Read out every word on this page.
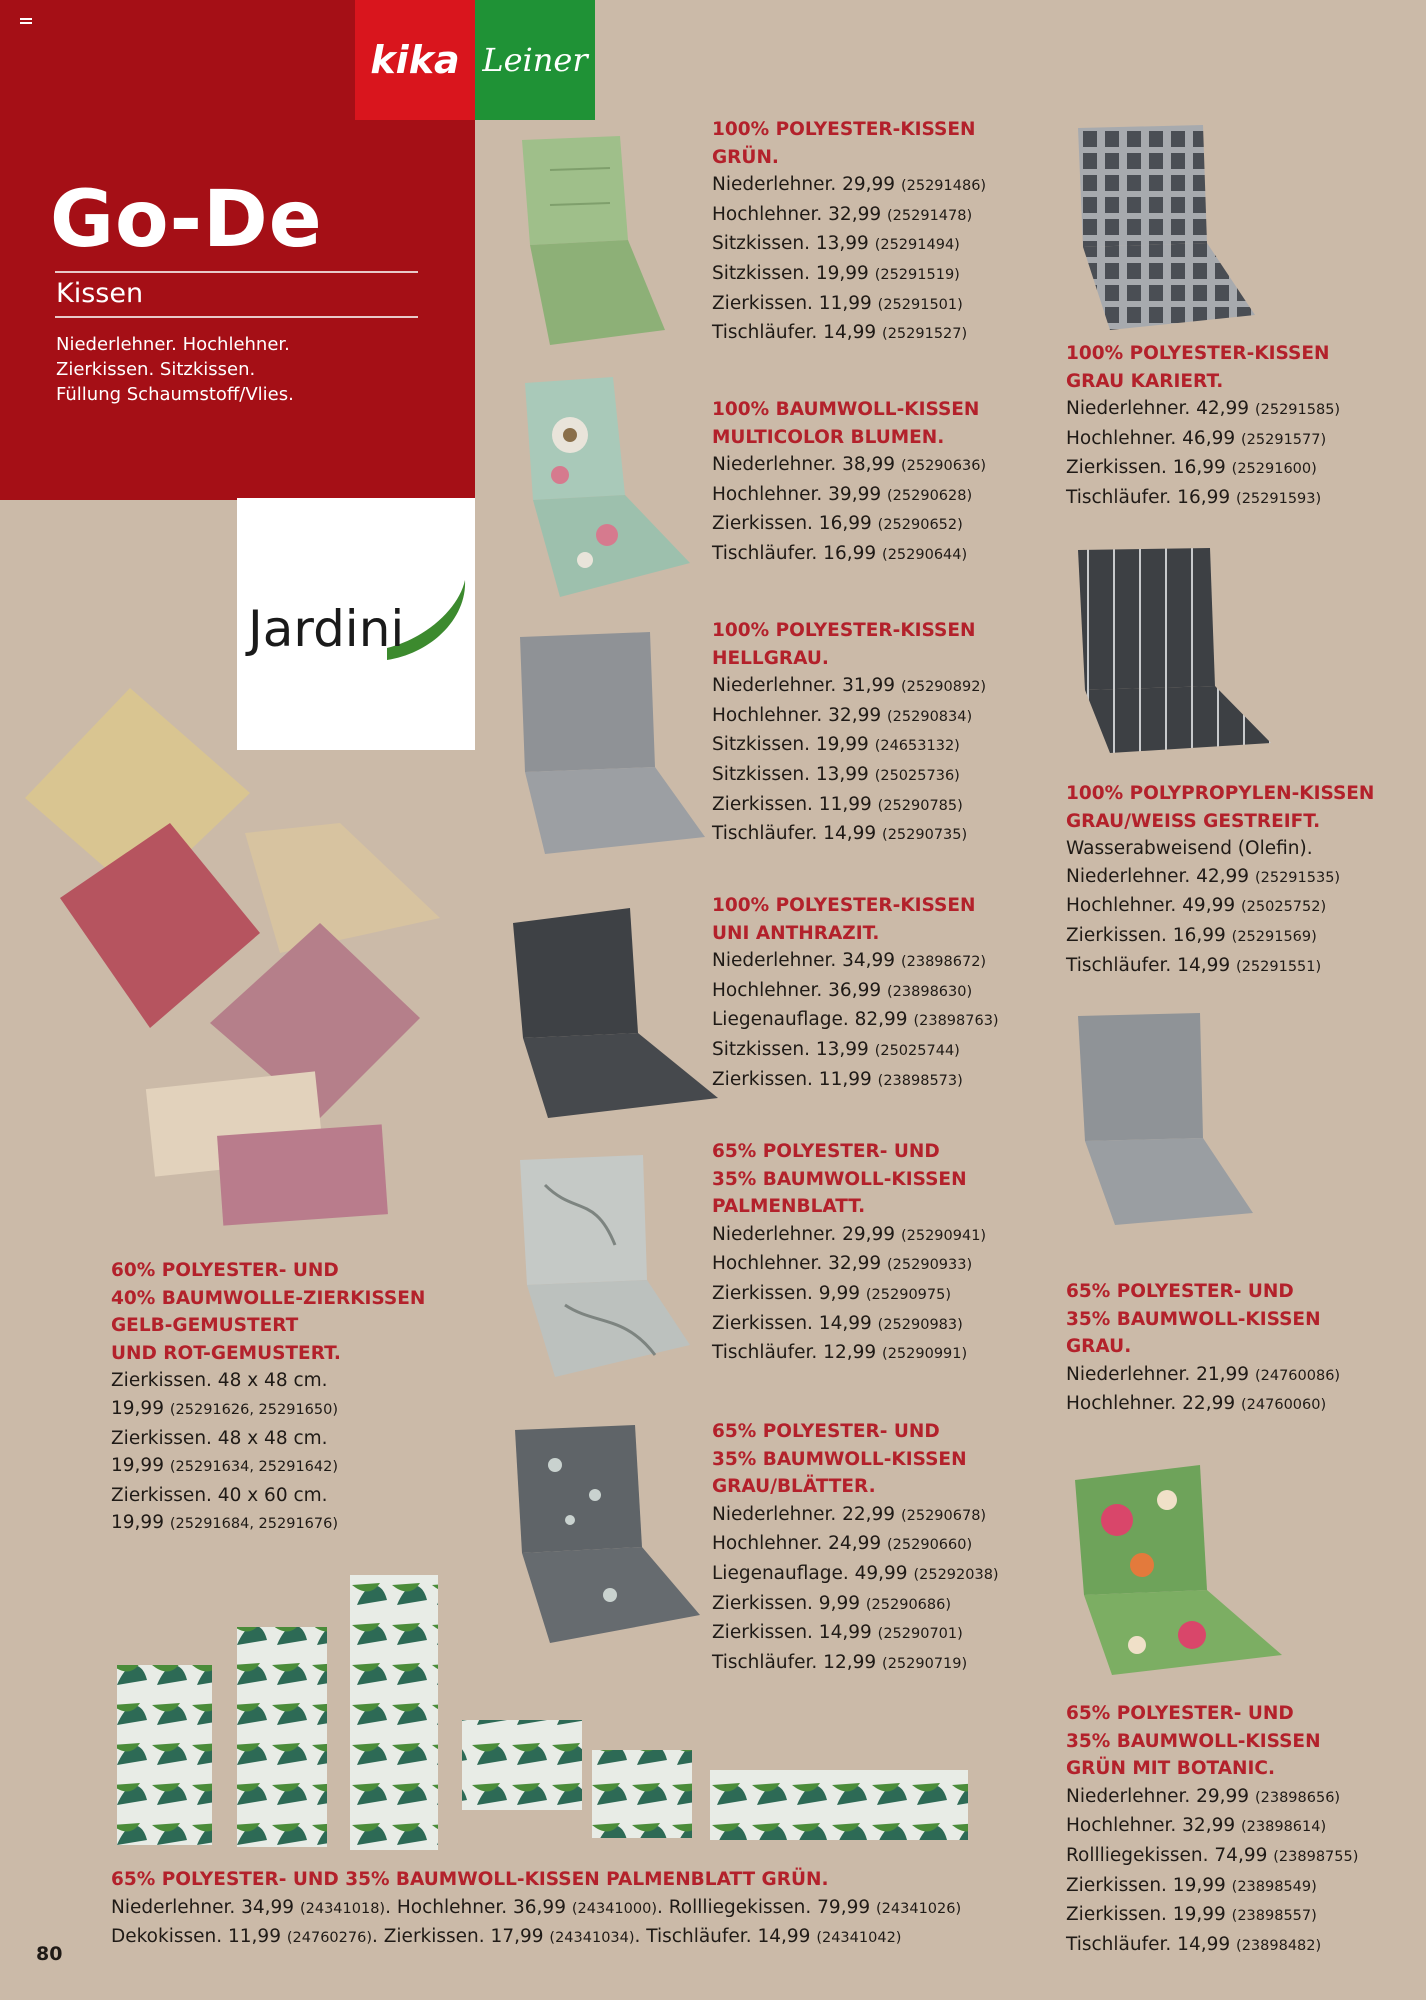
Go-De
Kissen
Niederlehner. Hochlehner.
Zierkissen. Sitzkissen.
Füllung Schaumstoff/Vlies.
kika Leiner
Jardini
100% POLYESTER-KISSEN
GRÜN.
Niederlehner. 29,99 (25291486)
Hochlehner. 32,99 (25291478)
Sitzkissen. 13,99 (25291494)
Sitzkissen. 19,99 (25291519)
Zierkissen. 11,99 (25291501)
Tischläufer. 14,99 (25291527)
100% BAUMWOLL-KISSEN
MULTICOLOR BLUMEN.
Niederlehner. 38,99 (25290636)
Hochlehner. 39,99 (25290628)
Zierkissen. 16,99 (25290652)
Tischläufer. 16,99 (25290644)
100% POLYESTER-KISSEN
HELLGRAU.
Niederlehner. 31,99 (25290892)
Hochlehner. 32,99 (25290834)
Sitzkissen. 19,99 (24653132)
Sitzkissen. 13,99 (25025736)
Zierkissen. 11,99 (25290785)
Tischläufer. 14,99 (25290735)
100% POLYESTER-KISSEN
UNI ANTHRAZIT.
Niederlehner. 34,99 (23898672)
Hochlehner. 36,99 (23898630)
Liegenauflage. 82,99 (23898763)
Sitzkissen. 13,99 (25025744)
Zierkissen. 11,99 (23898573)
65% POLYESTER- UND
35% BAUMWOLL-KISSEN
PALMENBLATT.
Niederlehner. 29,99 (25290941)
Hochlehner. 32,99 (25290933)
Zierkissen. 9,99 (25290975)
Zierkissen. 14,99 (25290983)
Tischläufer. 12,99 (25290991)
65% POLYESTER- UND
35% BAUMWOLL-KISSEN
GRAU/BLÄTTER.
Niederlehner. 22,99 (25290678)
Hochlehner. 24,99 (25290660)
Liegenauflage. 49,99 (25292038)
Zierkissen. 9,99 (25290686)
Zierkissen. 14,99 (25290701)
Tischläufer. 12,99 (25290719)
100% POLYESTER-KISSEN
GRAU KARIERT.
Niederlehner. 42,99 (25291585)
Hochlehner. 46,99 (25291577)
Zierkissen. 16,99 (25291600)
Tischläufer. 16,99 (25291593)
100% POLYPROPYLEN-KISSEN
GRAU/WEISS GESTREIFT.
Wasserabweisend (Olefin).
Niederlehner. 42,99 (25291535)
Hochlehner. 49,99 (25025752)
Zierkissen. 16,99 (25291569)
Tischläufer. 14,99 (25291551)
65% POLYESTER- UND
35% BAUMWOLL-KISSEN
GRAU.
Niederlehner. 21,99 (24760086)
Hochlehner. 22,99 (24760060)
65% POLYESTER- UND
35% BAUMWOLL-KISSEN
GRÜN MIT BOTANIC.
Niederlehner. 29,99 (23898656)
Hochlehner. 32,99 (23898614)
Rollliegekissen. 74,99 (23898755)
Zierkissen. 19,99 (23898549)
Zierkissen. 19,99 (23898557)
Tischläufer. 14,99 (23898482)
60% POLYESTER- UND
40% BAUMWOLLE-ZIERKISSEN
GELB-GEMUSTERT
UND ROT-GEMUSTERT.
Zierkissen. 48 x 48 cm.
19,99 (25291626, 25291650)
Zierkissen. 48 x 48 cm.
19,99 (25291634, 25291642)
Zierkissen. 40 x 60 cm.
19,99 (25291684, 25291676)
65% POLYESTER- UND 35% BAUMWOLL-KISSEN PALMENBLATT GRÜN.
Niederlehner. 34,99 (24341018). Hochlehner. 36,99 (24341000). Rollliegekissen. 79,99 (24341026)
Dekokissen. 11,99 (24760276). Zierkissen. 17,99 (24341034). Tischläufer. 14,99 (24341042)
80
